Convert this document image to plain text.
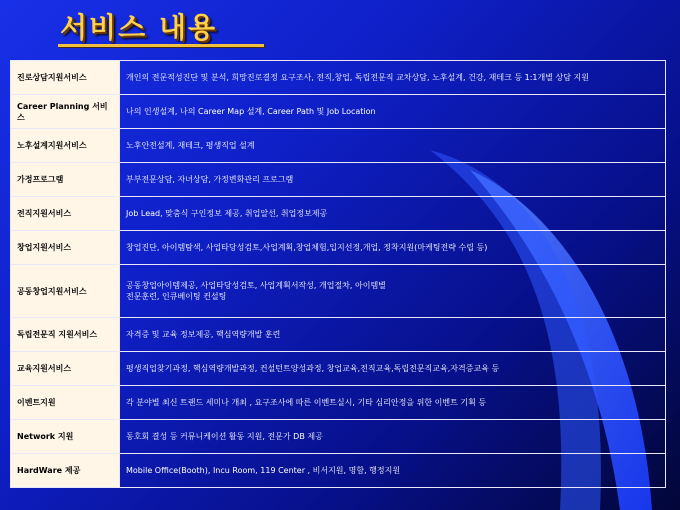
서비스 내용
진로상담지원서비스	개인의 전문적성진단 및 분석, 희망진로결정 요구조사, 전직,창업, 독립전문직 교차상담, 노후설계, 건강, 재테크 등 1:1개별 상담 지원
Career Planning 서비스	나의 인생설계, 나의 Career Map 설계, Career Path 및 Job Location
노후설계지원서비스	노후안전설계, 재테크, 평생직업 설계
가정프로그램	부부전문상담, 자녀상담, 가정변화관리 프로그램
전직지원서비스	Job Lead, 맞춤식 구인정보 제공, 취업알선, 취업정보제공
창업지원서비스	창업진단, 아이템탐색, 사업타당성검토,사업계획,창업체험,입지선정,개업, 정착지원(마케팅전략 수립 등)
공동창업지원서비스	공동창업아이템제공, 사업타당성검토, 사업계획서작성, 개업절차, 아이템별
전문훈련, 인큐베이팅 컨설팅
독립전문직 지원서비스	자격증 및 교육 정보제공, 핵심역량개발 훈련
교육지원서비스	평생직업찾기과정, 핵심역량개발과정, 컨설턴트양성과정, 창업교육,전직교육,독립전문직교육,자격증교육 등
이벤트지원	각 분야별 최신 트랜드 세미나 개최 , 요구조사에 따른 이벤트실시, 기타 심리안정을 위한 이벤트 기획 등
Network 지원	동호회 결성 등 커뮤니케이션 활동 지원, 전문가 DB 제공
HardWare 제공	Mobile Office(Booth), Incu Room, 119 Center , 비서지원, 명함, 행정지원
